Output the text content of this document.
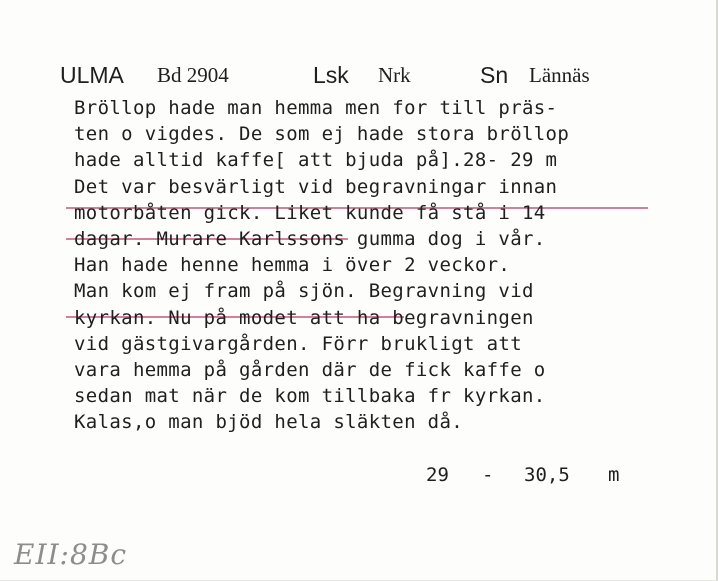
ULMA Bd 2904	Lsk Nrk	Sn Lännäs
Bröllop hade man hemma men for till präs-
ten o vigdes. De som ej hade stora bröllop
hade alltid kaffe[ att bjuda på].28- 29 m
Det var besvärligt vid begravningar innan
motorbåten gick. Liket kunde få stå i 14
dagar. Murare Karlssons gumma dog i vår.
Han hade henne hemma i över 2 veckor.
Man kom ej fram på sjön. Begravning vid
kyrkan. Nu på modet att ha begravningen
vid gästgivargården. Förr brukligt att
vara hemma på gården där de fick kaffe o
sedan mat när de kom tillbaka fr kyrkan.
Kalas,o man bjöd hela släkten då.
29 - 30,5 m
EII:8Bc
